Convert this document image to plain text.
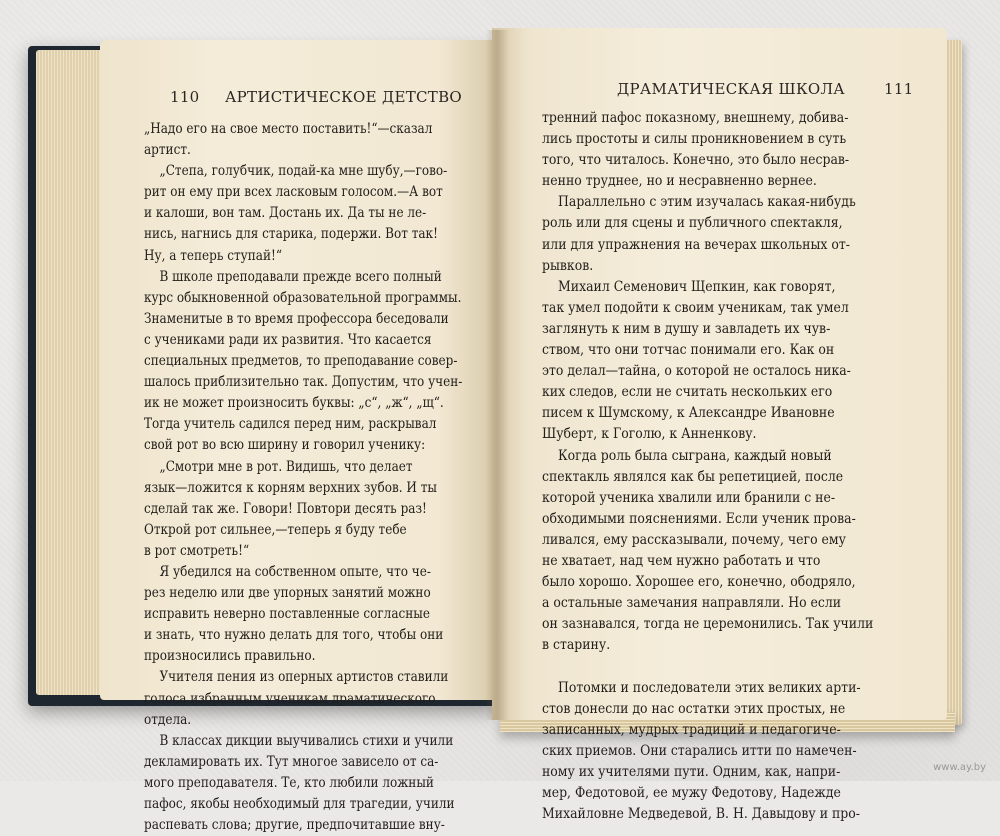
110 АРТИСТИЧЕСКОЕ ДЕТСТВО
„Надо его на свое место поставить!“—сказал
артист.
„Степа, голубчик, подай-ка мне шубу,—гово-
рит он ему при всех ласковым голосом.—А вот
и калоши, вон там. Достань их. Да ты не ле-
нись, нагнись для старика, подержи. Вот так!
Ну, а теперь ступай!“
В школе преподавали прежде всего полный
курс обыкновенной образовательной программы.
Знаменитые в то время профессора беседовали
с учениками ради их развития. Что касается
специальных предметов, то преподавание совер-
шалось приблизительно так. Допустим, что учен-
ик не может произносить буквы: „с“, „ж“, „щ“.
Тогда учитель садился перед ним, раскрывал
свой рот во всю ширину и говорил ученику:
„Смотри мне в рот. Видишь, что делает
язык—ложится к корням верхних зубов. И ты
сделай так же. Говори! Повтори десять раз!
Открой рот сильнее,—теперь я буду тебе
в рот смотреть!“
Я убедился на собственном опыте, что че-
рез неделю или две упорных занятий можно
исправить неверно поставленные согласные
и знать, что нужно делать для того, чтобы они
произносились правильно.
Учителя пения из оперных артистов ставили
голоса избранным ученикам драматического
отдела.
В классах дикции выучивались стихи и учили
декламировать их. Тут многое зависело от са-
мого преподавателя. Те, кто любили ложный
пафос, якобы необходимый для трагедии, учили
распевать слова; другие, предпочитавшие вну-
ДРАМАТИЧЕСКАЯ ШКОЛА	111
тренний пафос показному, внешнему, добива-
лись простоты и силы проникновением в суть
того, что читалось. Конечно, это было несрав-
ненно труднее, но и несравненно вернее.
Параллельно с этим изучалась какая-нибудь
роль или для сцены и публичного спектакля,
или для упражнения на вечерах школьных от-
рывков.
Михаил Семенович Щепкин, как говорят,
так умел подойти к своим ученикам, так умел
заглянуть к ним в душу и завладеть их чув-
ством, что они тотчас понимали его. Как он
это делал—тайна, о которой не осталось ника-
ких следов, если не считать нескольких его
писем к Шумскому, к Александре Ивановне
Шуберт, к Гоголю, к Анненкову.
Когда роль была сыграна, каждый новый
спектакль являлся как бы репетицией, после
которой ученика хвалили или бранили с не-
обходимыми пояснениями. Если ученик прова-
ливался, ему рассказывали, почему, чего ему
не хватает, над чем нужно работать и что
было хорошо. Хорошее его, конечно, ободряло,
а остальные замечания направляли. Но если
он зазнавался, тогда не церемонились. Так учили
в старину.
Потомки и последователи этих великих арти-
стов донесли до нас остатки этих простых, не
записанных, мудрых традиций и педагогиче-
ских приемов. Они старались итти по намечен-
ному их учителями пути. Одним, как, напри-
мер, Федотовой, ее мужу Федотову, Надежде
Михайловне Медведевой, В. Н. Давыдову и про-
www.ay.by
